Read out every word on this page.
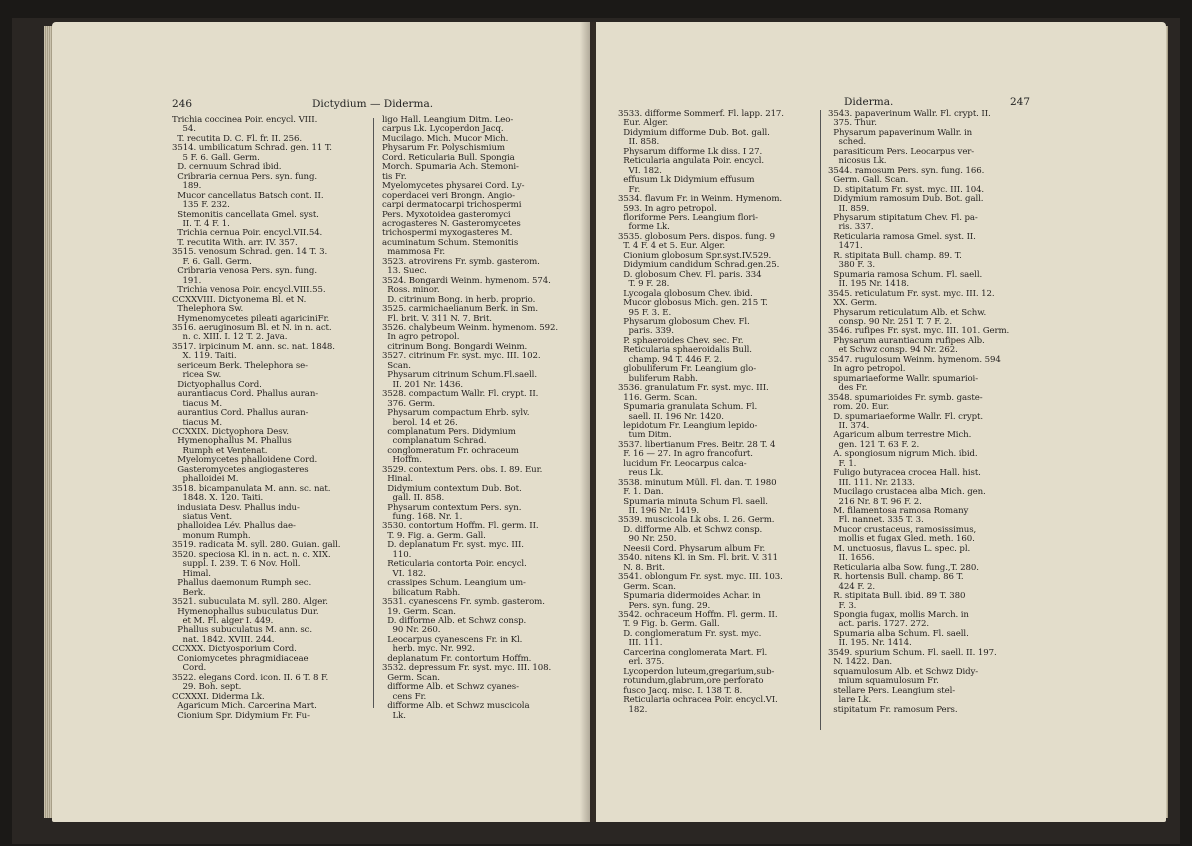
246	Dictydium — Diderma.
Trichia coccinea Poir. encycl. VIII.
54.
T. recutita D. C. Fl. fr. II. 256.
3514. umbilicatum Schrad. gen. 11 T.
5 F. 6. Gall. Germ.
D. cernuum Schrad ibid.
Cribraria cernua Pers. syn. fung.
189.
Mucor cancellatus Batsch cont. II.
135 F. 232.
Stemonitis cancellata Gmel. syst.
II. T. 4 F. 1.
Trichia cernua Poir. encycl.VII.54.
T. recutita With. arr. IV. 357.
3515. venosum Schrad. gen. 14 T. 3.
F. 6. Gall. Germ.
Cribraria venosa Pers. syn. fung.
191.
Trichia venosa Poir. encycl.VIII.55.
CCXXVIII. Dictyonema Bl. et N.
Thelephora Sw.
Hymenomycetes pileati agariciniFr.
3516. aeruginosum Bl. et N. in n. act.
n. c. XIII. I. 12 T. 2. Java.
3517. irpicinum M. ann. sc. nat. 1848.
X. 119. Taiti.
sericeum Berk. Thelephora se-
ricea Sw.
Dictyophallus Cord.
aurantiacus Cord. Phallus auran-
tiacus M.
aurantius Cord. Phallus auran-
tiacus M.
CCXXIX. Dictyophora Desv.
Hymenophallus M. Phallus
Rumph et Ventenat.
Myelomycetes phalloidene Cord.
Gasteromycetes angiogasteres
phalloidei M.
3518. bicampanulata M. ann. sc. nat.
1848. X. 120. Taiti.
indusiata Desv. Phallus indu-
siatus Vent.
phalloidea Lév. Phallus dae-
monum Rumph.
3519. radicata M. syll. 280. Guian. gall.
3520. speciosa Kl. in n. act. n. c. XIX.
suppl. I. 239. T. 6 Nov. Holl.
Himal.
Phallus daemonum Rumph sec.
Berk.
3521. subuculata M. syll. 280. Alger.
Hymenophallus subuculatus Dur.
et M. Fl. alger I. 449.
Phallus subuculatus M. ann. sc.
nat. 1842. XVIII. 244.
CCXXX. Dictyosporium Cord.
Coniomycetes phragmidiaceae
Cord.
3522. elegans Cord. icon. II. 6 T. 8 F.
29. Boh. sept.
CCXXXI. Diderma Lk.
Agaricum Mich. Carcerina Mart.
Cionium Spr. Didymium Fr. Fu-
ligo Hall. Leangium Ditm. Leo-
carpus Lk. Lycoperdon Jacq.
Mucilago. Mich. Mucor Mich.
Physarum Fr. Polyschismium
Cord. Reticularia Bull. Spongia
Morch. Spumaria Ach. Stemoni-
tis Fr.
Myelomycetes physarei Cord. Ly-
coperdacei veri Brongn. Angio-
carpi dermatocarpi trichospermi
Pers. Myxotoidea gasteromyci
acrogasteres N. Gasteromycetes
trichospermi myxogasteres M.
acuminatum Schum. Stemonitis
mammosa Fr.
3523. atrovirens Fr. symb. gasterom.
13. Suec.
3524. Bongardi Weinm. hymenom. 574.
Ross. minor.
D. citrinum Bong. in herb. proprio.
3525. carmichaelianum Berk. in Sm.
Fl. brit. V. 311 N. 7. Brit.
3526. chalybeum Weinm. hymenom. 592.
In agro petropol.
citrinum Bong. Bongardi Weinm.
3527. citrinum Fr. syst. myc. III. 102.
Scan.
Physarum citrinum Schum.Fl.saell.
II. 201 Nr. 1436.
3528. compactum Wallr. Fl. crypt. II.
376. Germ.
Physarum compactum Ehrb. sylv.
berol. 14 et 26.
complanatum Pers. Didymium
complanatum Schrad.
conglomeratum Fr. ochraceum
Hoffm.
3529. contextum Pers. obs. I. 89. Eur.
Hinal.
Didymium contextum Dub. Bot.
gall. II. 858.
Physarum contextum Pers. syn.
fung. 168. Nr. 1.
3530. contortum Hoffm. Fl. germ. II.
T. 9. Fig. a. Germ. Gall.
D. deplanatum Fr. syst. myc. III.
110.
Reticularia contorta Poir. encycl.
VI. 182.
crassipes Schum. Leangium um-
bilicatum Rabh.
3531. cyanescens Fr. symb. gasterom.
19. Germ. Scan.
D. difforme Alb. et Schwz consp.
90 Nr. 260.
Leocarpus cyanescens Fr. in Kl.
herb. myc. Nr. 992.
deplanatum Fr. contortum Hoffm.
3532. depressum Fr. syst. myc. III. 108.
Germ. Scan.
difforme Alb. et Schwz cyanes-
cens Fr.
difforme Alb. et Schwz muscicola
Lk.
Diderma.	247
3533. difforme Sommerf. Fl. lapp. 217.
Eur. Alger.
Didymium difforme Dub. Bot. gall.
II. 858.
Physarum difforme Lk diss. I 27.
Reticularia angulata Poir. encycl.
VI. 182.
effusum Lk Didymium effusum
Fr.
3534. flavum Fr. in Weinm. Hymenom.
593. In agro petropol.
floriforme Pers. Leangium flori-
forme Lk.
3535. globosum Pers. dispos. fung. 9
T. 4 F. 4 et 5. Eur. Alger.
Cionium globosum Spr.syst.IV.529.
Didymium candidum Schrad.gen.25.
D. globosum Chev. Fl. paris. 334
T. 9 F. 28.
Lycogala globosum Chev. ibid.
Mucor globosus Mich. gen. 215 T.
95 F. 3. E.
Physarum globosum Chev. Fl.
paris. 339.
P. sphaeroides Chev. sec. Fr.
Reticularia sphaeroidalis Bull.
champ. 94 T. 446 F. 2.
globuliferum Fr. Leangium glo-
buliferum Rabh.
3536. granulatum Fr. syst. myc. III.
116. Germ. Scan.
Spumaria granulata Schum. Fl.
saell. II. 196 Nr. 1420.
lepidotum Fr. Leangium lepido-
tum Ditm.
3537. libertianum Fres. Beitr. 28 T. 4
F. 16 — 27. In agro francofurt.
lucidum Fr. Leocarpus calca-
reus Lk.
3538. minutum Müll. Fl. dan. T. 1980
F. 1. Dan.
Spumaria minuta Schum Fl. saell.
II. 196 Nr. 1419.
3539. muscicola Lk obs. I. 26. Germ.
D. difforme Alb. et Schwz consp.
90 Nr. 250.
Neesii Cord. Physarum album Fr.
3540. nitens Kl. in Sm. Fl. brit. V. 311
N. 8. Brit.
3541. oblongum Fr. syst. myc. III. 103.
Germ. Scan.
Spumaria didermoides Achar. in
Pers. syn. fung. 29.
3542. ochraceum Hoffm. Fl. germ. II.
T. 9 Fig. b. Germ. Gall.
D. conglomeratum Fr. syst. myc.
III. 111.
Carcerina conglomerata Mart. Fl.
erl. 375.
Lycoperdon luteum,gregarium,sub-
rotundum,glabrum,ore perforato
fusco Jacq. misc. I. 138 T. 8.
Reticularia ochracea Poir. encycl.VI.
182.
3543. papaverinum Wallr. Fl. crypt. II.
375. Thur.
Physarum papaverinum Wallr. in
sched.
parasiticum Pers. Leocarpus ver-
nicosus Lk.
3544. ramosum Pers. syn. fung. 166.
Germ. Gall. Scan.
D. stipitatum Fr. syst. myc. III. 104.
Didymium ramosum Dub. Bot. gall.
II. 859.
Physarum stipitatum Chev. Fl. pa-
ris. 337.
Reticularia ramosa Gmel. syst. II.
1471.
R. stipitata Bull. champ. 89. T.
380 F. 3.
Spumaria ramosa Schum. Fl. saell.
II. 195 Nr. 1418.
3545. reticulatum Fr. syst. myc. III. 12.
XX. Germ.
Physarum reticulatum Alb. et Schw.
consp. 90 Nr. 251 T. 7 F. 2.
3546. rufipes Fr. syst. myc. III. 101. Germ.
Physarum aurantiacum rufipes Alb.
et Schwz consp. 94 Nr. 262.
3547. rugulosum Weinm. hymenom. 594
In agro petropol.
spumariaeforme Wallr. spumarioi-
des Fr.
3548. spumarioides Fr. symb. gaste-
rom. 20. Eur.
D. spumariaeforme Wallr. Fl. crypt.
II. 374.
Agaricum album terrestre Mich.
gen. 121 T. 63 F. 2.
A. spongiosum nigrum Mich. ibid.
F. 1.
Fuligo butyracea crocea Hall. hist.
III. 111. Nr. 2133.
Mucilago crustacea alba Mich. gen.
216 Nr. 8 T. 96 F. 2.
M. filamentosa ramosa Romany
Fl. nannet. 335 T. 3.
Mucor crustaceus, ramosissimus,
mollis et fugax Gled. meth. 160.
M. unctuosus, flavus L. spec. pl.
II. 1656.
Reticularia alba Sow. fung.,T. 280.
R. hortensis Bull. champ. 86 T.
424 F. 2.
R. stipitata Bull. ibid. 89 T. 380
F. 3.
Spongia fugax, mollis March. in
act. paris. 1727. 272.
Spumaria alba Schum. Fl. saell.
II. 195. Nr. 1414.
3549. spurium Schum. Fl. saell. II. 197.
N. 1422. Dan.
squamulosum Alb. et Schwz Didy-
mium squamulosum Fr.
stellare Pers. Leangium stel-
lare Lk.
stipitatum Fr. ramosum Pers.
